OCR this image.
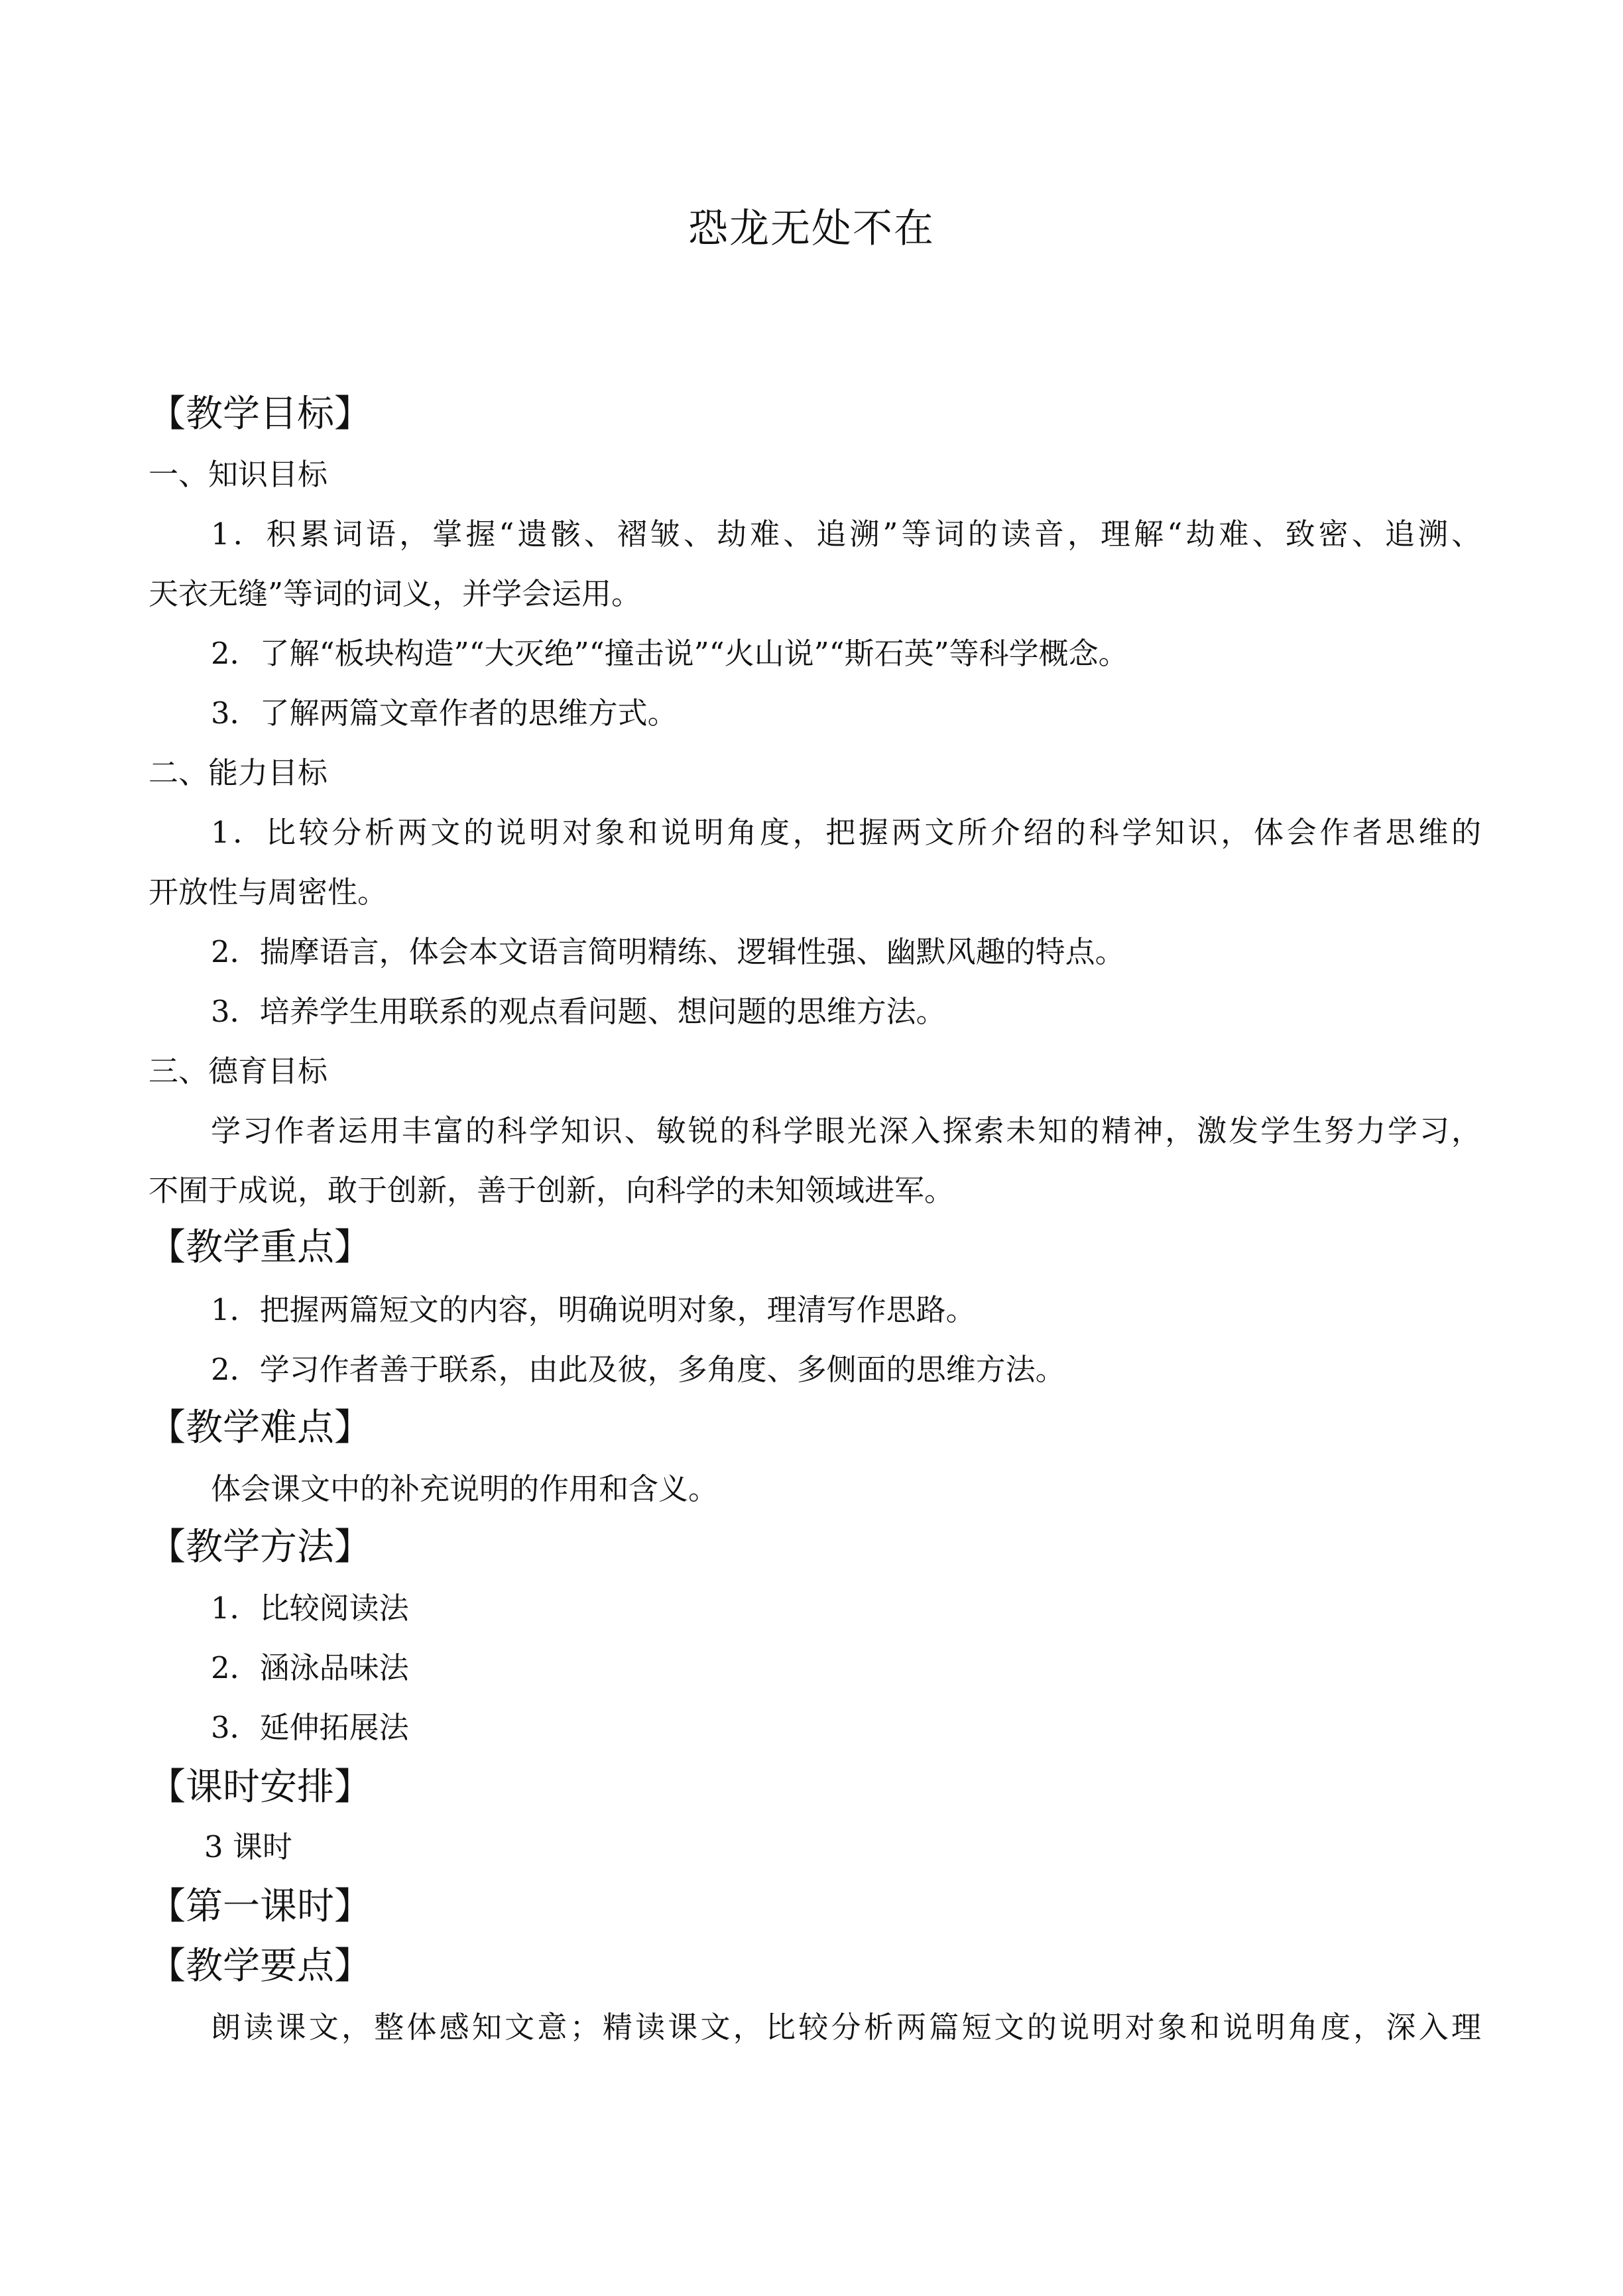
恐龙无处不在
【教学目标】
一、知识目标
1．积累词语，掌握“遗骸、褶皱、劫难、追溯”等词的读音，理解“劫难、致密、追溯、
天衣无缝”等词的词义，并学会运用。
2．了解“板块构造”“大灭绝”“撞击说”“火山说”“斯石英”等科学概念。
3．了解两篇文章作者的思维方式。
二、能力目标
1．比较分析两文的说明对象和说明角度，把握两文所介绍的科学知识，体会作者思维的
开放性与周密性。
2．揣摩语言，体会本文语言简明精练、逻辑性强、幽默风趣的特点。
3．培养学生用联系的观点看问题、想问题的思维方法。
三、德育目标
学习作者运用丰富的科学知识、敏锐的科学眼光深入探索未知的精神，激发学生努力学习，
不囿于成说，敢于创新，善于创新，向科学的未知领域进军。
【教学重点】
1．把握两篇短文的内容，明确说明对象，理清写作思路。
2．学习作者善于联系，由此及彼，多角度、多侧面的思维方法。
【教学难点】
体会课文中的补充说明的作用和含义。
【教学方法】
1．比较阅读法
2．涵泳品味法
3．延伸拓展法
【课时安排】
3 课时
【第一课时】
【教学要点】
朗读课文，整体感知文意；精读课文，比较分析两篇短文的说明对象和说明角度，深入理
